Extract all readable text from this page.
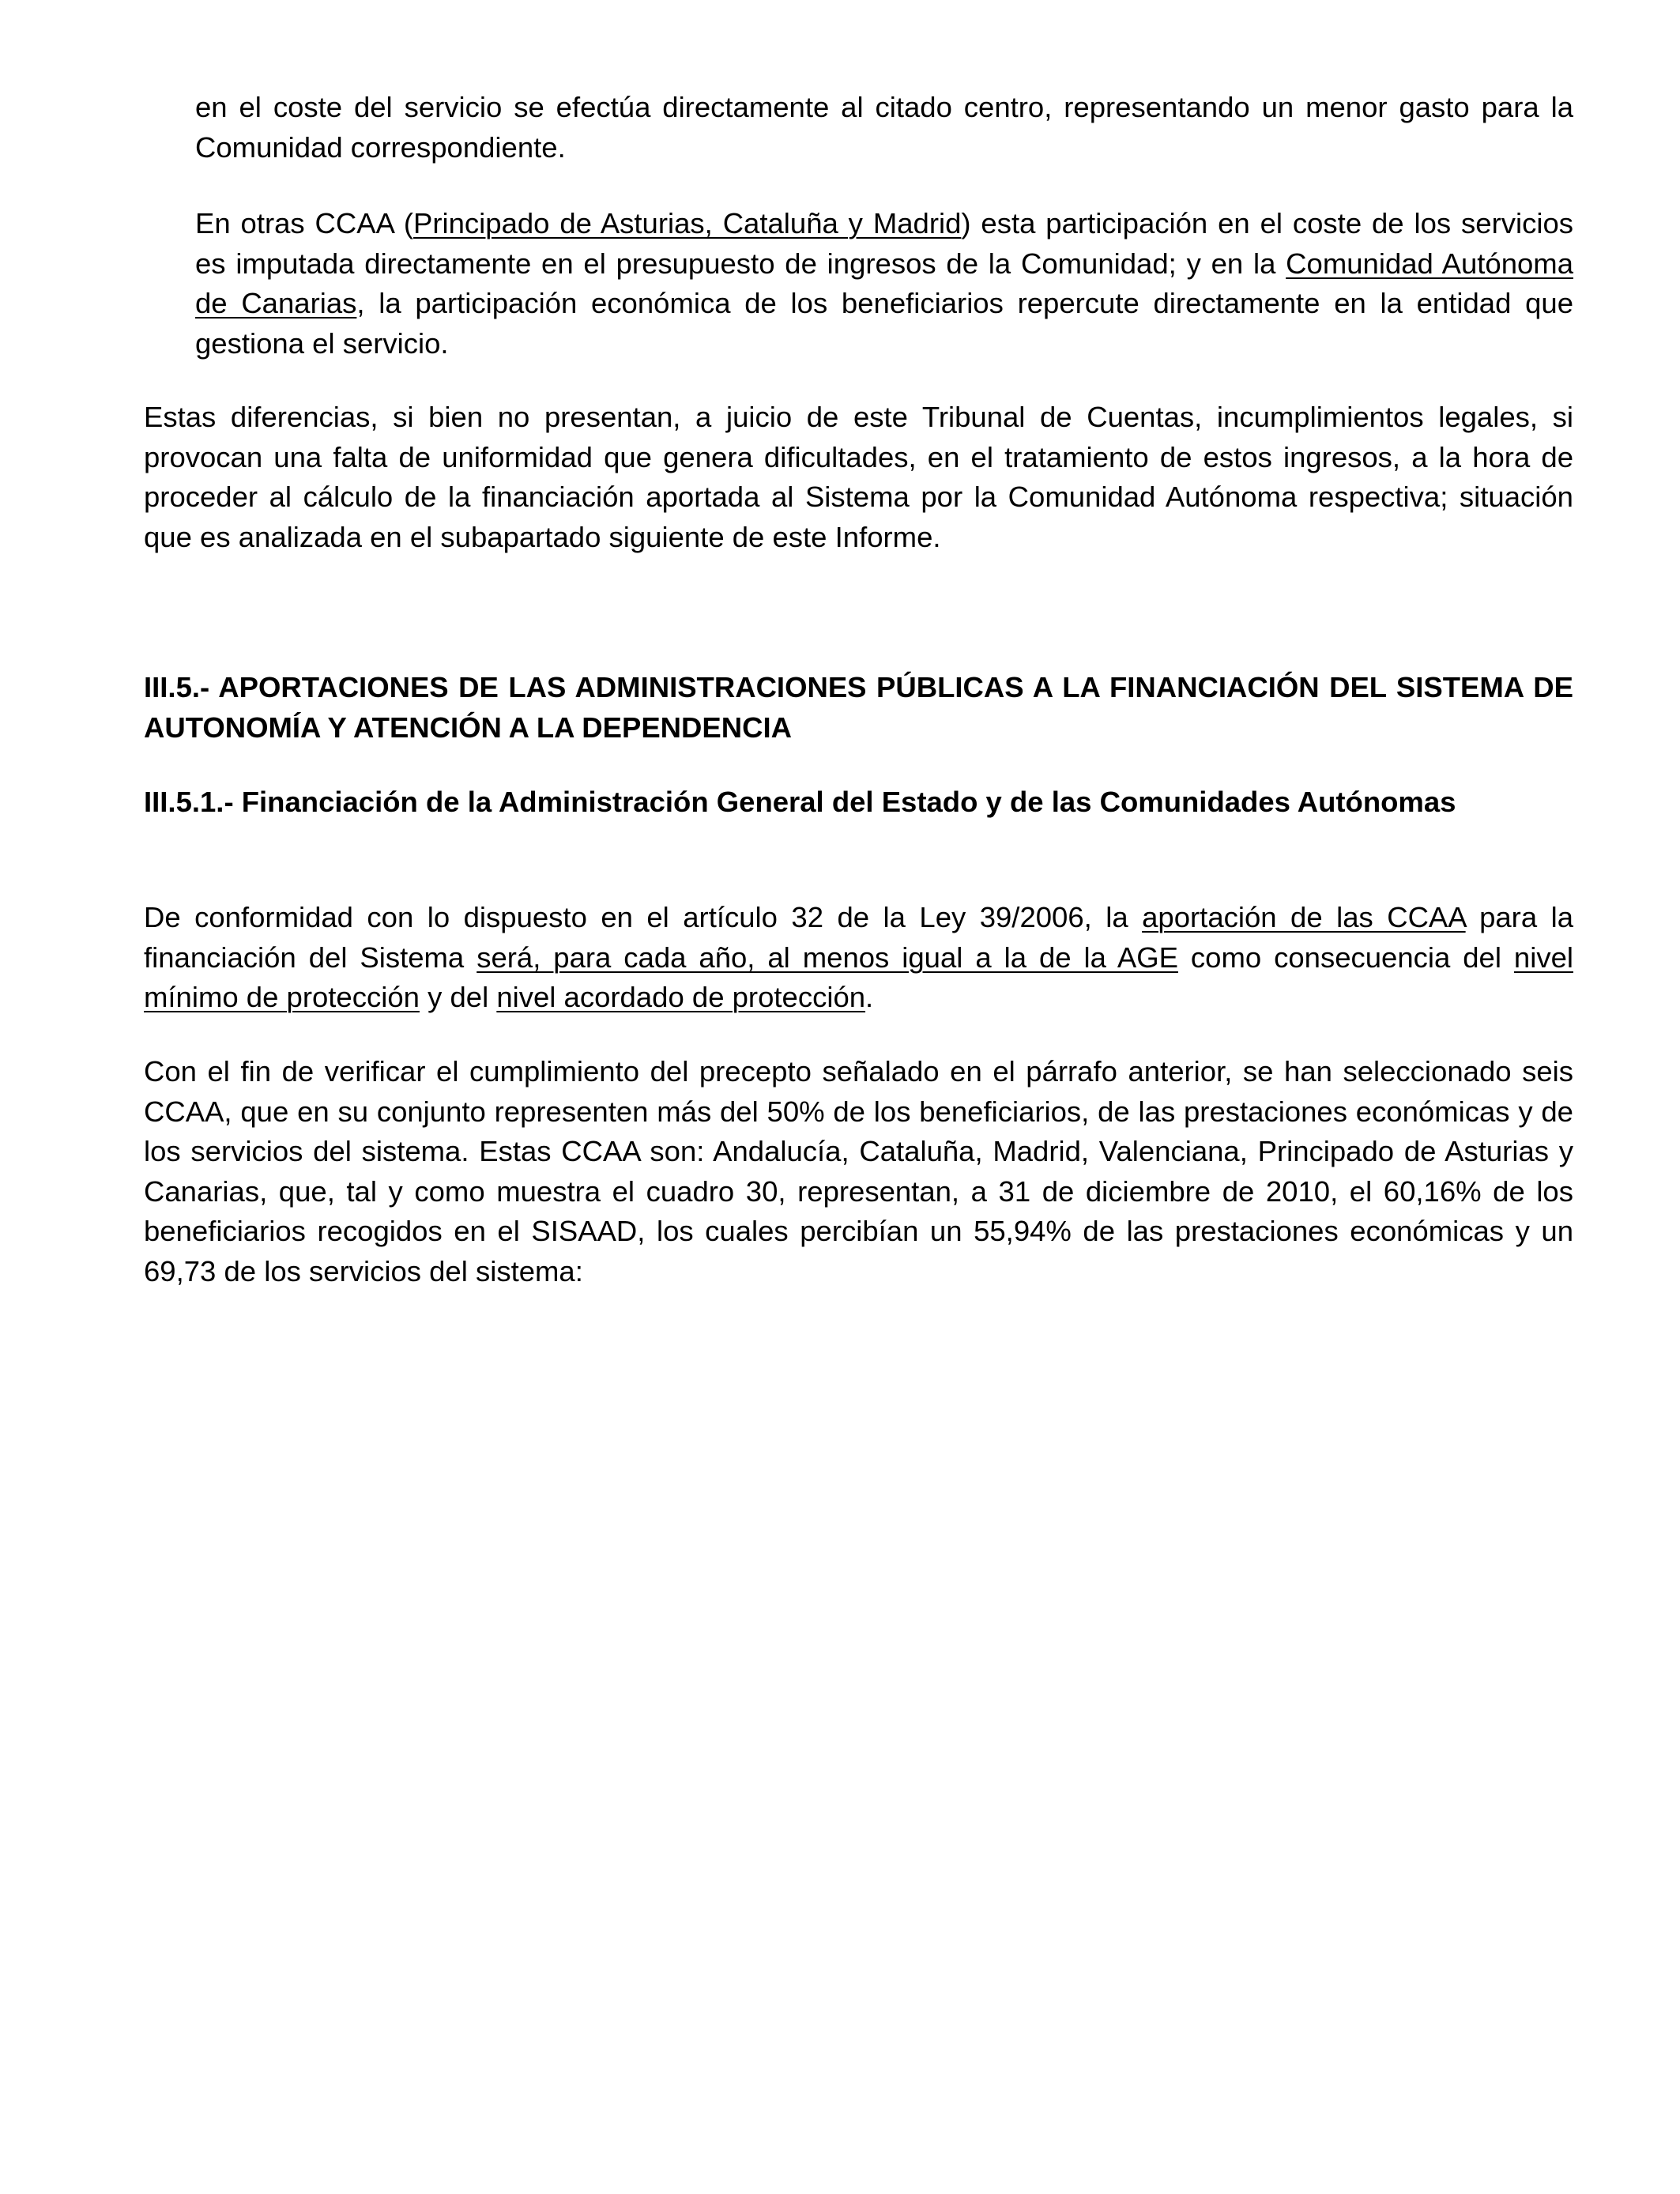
en el coste del servicio se efectúa directamente al citado centro, representando un menor gasto para la Comunidad correspondiente.

En otras CCAA (Principado de Asturias, Cataluña y Madrid) esta participación en el coste de los servicios es imputada directamente en el presupuesto de ingresos de la Comunidad; y en la Comunidad Autónoma de Canarias, la participación económica de los beneficiarios repercute directamente en la entidad que gestiona el servicio.

Estas diferencias, si bien no presentan, a juicio de este Tribunal de Cuentas, incumplimientos legales, si provocan una falta de uniformidad que genera dificultades, en el tratamiento de estos ingresos, a la hora de proceder al cálculo de la financiación aportada al Sistema por la Comunidad Autónoma respectiva; situación que es analizada en el subapartado siguiente de este Informe.

III.5.- APORTACIONES DE LAS ADMINISTRACIONES PÚBLICAS A LA FINANCIACIÓN DEL SISTEMA DE AUTONOMÍA Y ATENCIÓN A LA DEPENDENCIA
III.5.1.- Financiación de la Administración General del Estado y de las Comunidades Autónomas

De conformidad con lo dispuesto en el artículo 32 de la Ley 39/2006, la aportación de las CCAA para la financiación del Sistema será, para cada año, al menos igual a la de la AGE como consecuencia del nivel mínimo de protección y del nivel acordado de protección.

Con el fin de verificar el cumplimiento del precepto señalado en el párrafo anterior, se han seleccionado seis CCAA, que en su conjunto representen más del 50% de los beneficiarios, de las prestaciones económicas y de los servicios del sistema. Estas CCAA son: Andalucía, Cataluña, Madrid, Valenciana, Principado de Asturias y Canarias, que, tal y como muestra el cuadro 30, representan, a 31 de diciembre de 2010, el 60,16% de los beneficiarios recogidos en el SISAAD, los cuales percibían un 55,94% de las prestaciones económicas y un 69,73 de los servicios del sistema:
